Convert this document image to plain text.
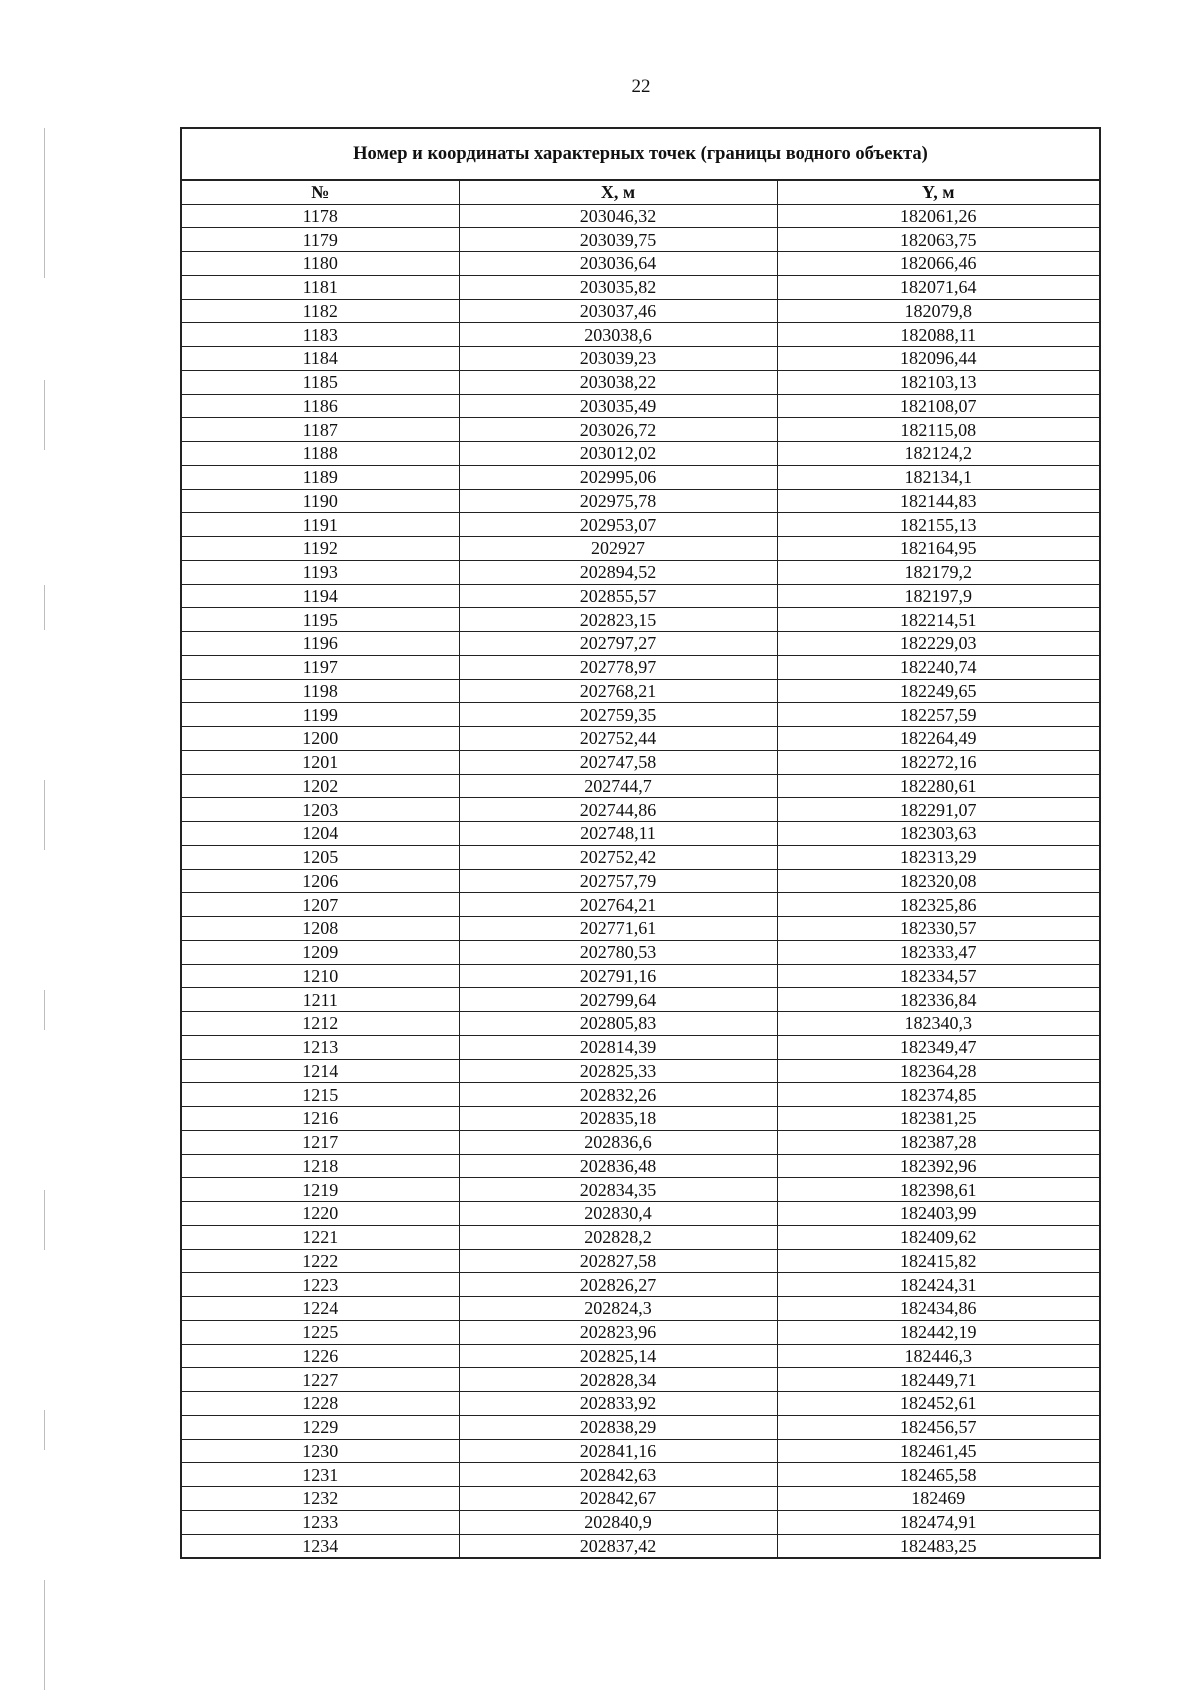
22
Номер и координаты характерных точек (границы водного объекта)		
№	X, м	Y, м
1178	203046,32	182061,26
1179	203039,75	182063,75
1180	203036,64	182066,46
1181	203035,82	182071,64
1182	203037,46	182079,8
1183	203038,6	182088,11
1184	203039,23	182096,44
1185	203038,22	182103,13
1186	203035,49	182108,07
1187	203026,72	182115,08
1188	203012,02	182124,2
1189	202995,06	182134,1
1190	202975,78	182144,83
1191	202953,07	182155,13
1192	202927	182164,95
1193	202894,52	182179,2
1194	202855,57	182197,9
1195	202823,15	182214,51
1196	202797,27	182229,03
1197	202778,97	182240,74
1198	202768,21	182249,65
1199	202759,35	182257,59
1200	202752,44	182264,49
1201	202747,58	182272,16
1202	202744,7	182280,61
1203	202744,86	182291,07
1204	202748,11	182303,63
1205	202752,42	182313,29
1206	202757,79	182320,08
1207	202764,21	182325,86
1208	202771,61	182330,57
1209	202780,53	182333,47
1210	202791,16	182334,57
1211	202799,64	182336,84
1212	202805,83	182340,3
1213	202814,39	182349,47
1214	202825,33	182364,28
1215	202832,26	182374,85
1216	202835,18	182381,25
1217	202836,6	182387,28
1218	202836,48	182392,96
1219	202834,35	182398,61
1220	202830,4	182403,99
1221	202828,2	182409,62
1222	202827,58	182415,82
1223	202826,27	182424,31
1224	202824,3	182434,86
1225	202823,96	182442,19
1226	202825,14	182446,3
1227	202828,34	182449,71
1228	202833,92	182452,61
1229	202838,29	182456,57
1230	202841,16	182461,45
1231	202842,63	182465,58
1232	202842,67	182469
1233	202840,9	182474,91
1234	202837,42	182483,25
